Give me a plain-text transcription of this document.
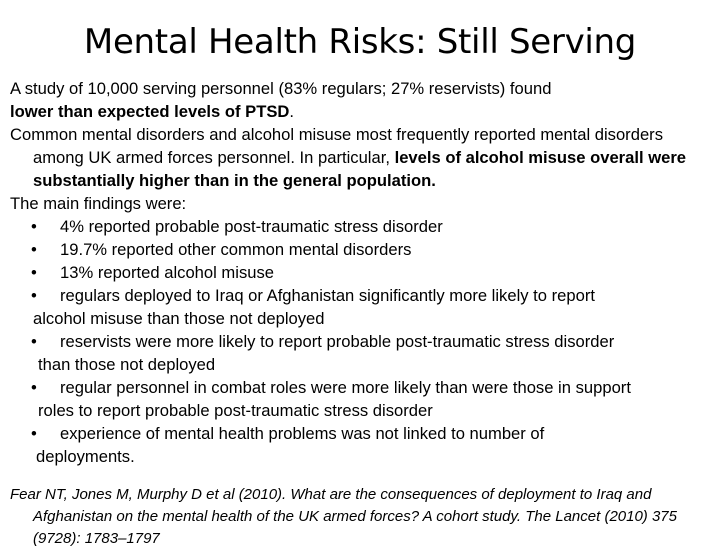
Mental Health Risks: Still Serving

A study of 10,000 serving personnel (83% regulars; 27% reservists) found
lower than expected levels of PTSD.

Common mental disorders and alcohol misuse most frequently reported mental disorders among UK armed forces personnel. In particular, levels of alcohol misuse overall were substantially higher than in the general population.

The main findings were:

• 4% reported probable post-traumatic stress disorder
• 19.7% reported other common mental disorders
• 13% reported alcohol misuse
• regulars deployed to Iraq or Afghanistan significantly more likely to report
alcohol misuse than those not deployed
• reservists were more likely to report probable post-traumatic stress disorder
than those not deployed
• regular personnel in combat roles were more likely than were those in support
roles to report probable post-traumatic stress disorder
• experience of mental health problems was not linked to number of
deployments.
Fear NT, Jones M, Murphy D et al (2010). What are the consequences of deployment to Iraq and Afghanistan on the mental health of the UK armed forces? A cohort study. The Lancet (2010) 375 (9728): 1783–1797
